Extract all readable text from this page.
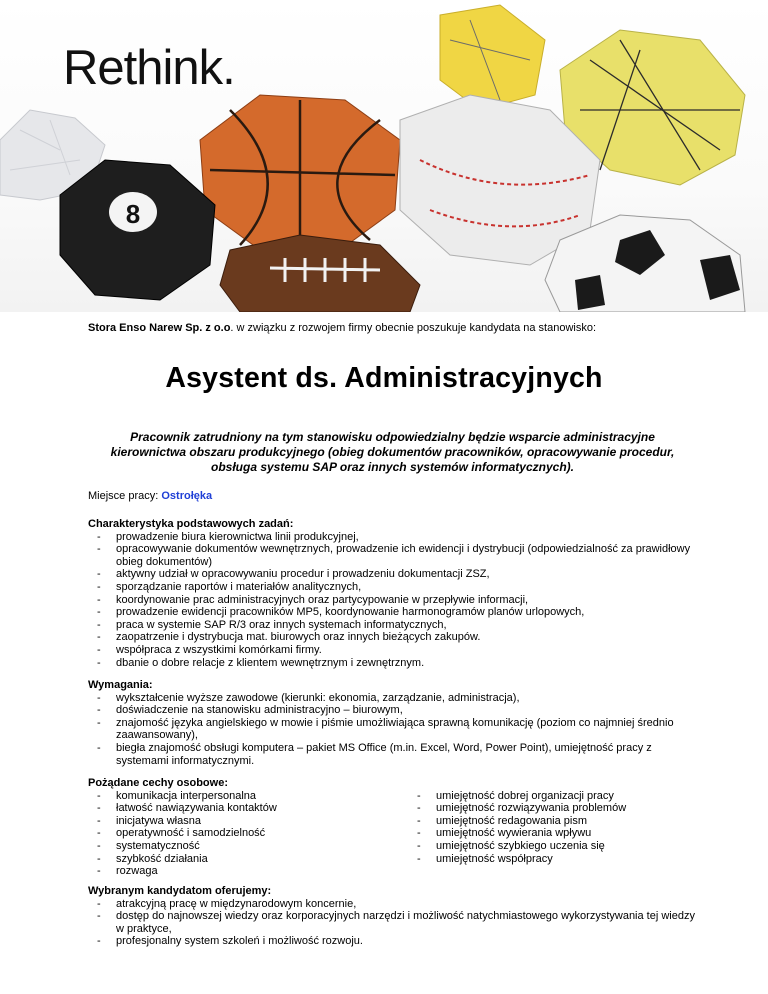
8
Rethink.
Stora Enso Narew Sp. z o.o. w związku z rozwojem firmy obecnie poszukuje kandydata na stanowisko:
Asystent ds. Administracyjnych
Pracownik zatrudniony na tym stanowisku odpowiedzialny będzie wsparcie administracyjne kierownictwa obszaru produkcyjnego (obieg dokumentów pracowników, opracowywanie procedur, obsługa systemu SAP oraz innych systemów informatycznych).
Miejsce pracy: Ostrołęka
Charakterystyka podstawowych zadań:
- prowadzenie biura kierownictwa linii produkcyjnej,
- opracowywanie dokumentów wewnętrznych, prowadzenie ich ewidencji i dystrybucji (odpowiedzialność za prawidłowy obieg dokumentów)
- aktywny udział w opracowywaniu procedur i prowadzeniu dokumentacji ZSZ,
- sporządzanie raportów i materiałów analitycznych,
- koordynowanie prac administracyjnych oraz partycypowanie w przepływie informacji,
- prowadzenie ewidencji pracowników MP5, koordynowanie harmonogramów planów urlopowych,
- praca w systemie SAP R/3 oraz innych systemach informatycznych,
- zaopatrzenie i dystrybucja mat. biurowych oraz innych bieżących zakupów.
- współpraca z wszystkimi komórkami firmy.
- dbanie o dobre relacje z klientem wewnętrznym i zewnętrznym.
Wymagania:
- wykształcenie wyższe zawodowe (kierunki: ekonomia, zarządzanie, administracja),
- doświadczenie na stanowisku administracyjno – biurowym,
- znajomość języka angielskiego w mowie i piśmie umożliwiająca sprawną komunikację (poziom co najmniej średnio zaawansowany),
- biegła znajomość obsługi komputera – pakiet MS Office (m.in. Excel, Word, Power Point), umiejętność pracy z systemami informatycznymi.
Pożądane cechy osobowe:
- komunikacja interpersonalna
- łatwość nawiązywania kontaktów
- inicjatywa własna
- operatywność i samodzielność
- systematyczność
- szybkość działania
- rozwaga
- umiejętność dobrej organizacji pracy
- umiejętność rozwiązywania problemów
- umiejętność redagowania pism
- umiejętność wywierania wpływu
- umiejętność szybkiego uczenia się
- umiejętność współpracy
Wybranym kandydatom oferujemy:
- atrakcyjną pracę w międzynarodowym koncernie,
- dostęp do najnowszej wiedzy oraz korporacyjnych narzędzi i możliwość natychmiastowego wykorzystywania tej wiedzy w praktyce,
- profesjonalny system szkoleń i możliwość rozwoju.
